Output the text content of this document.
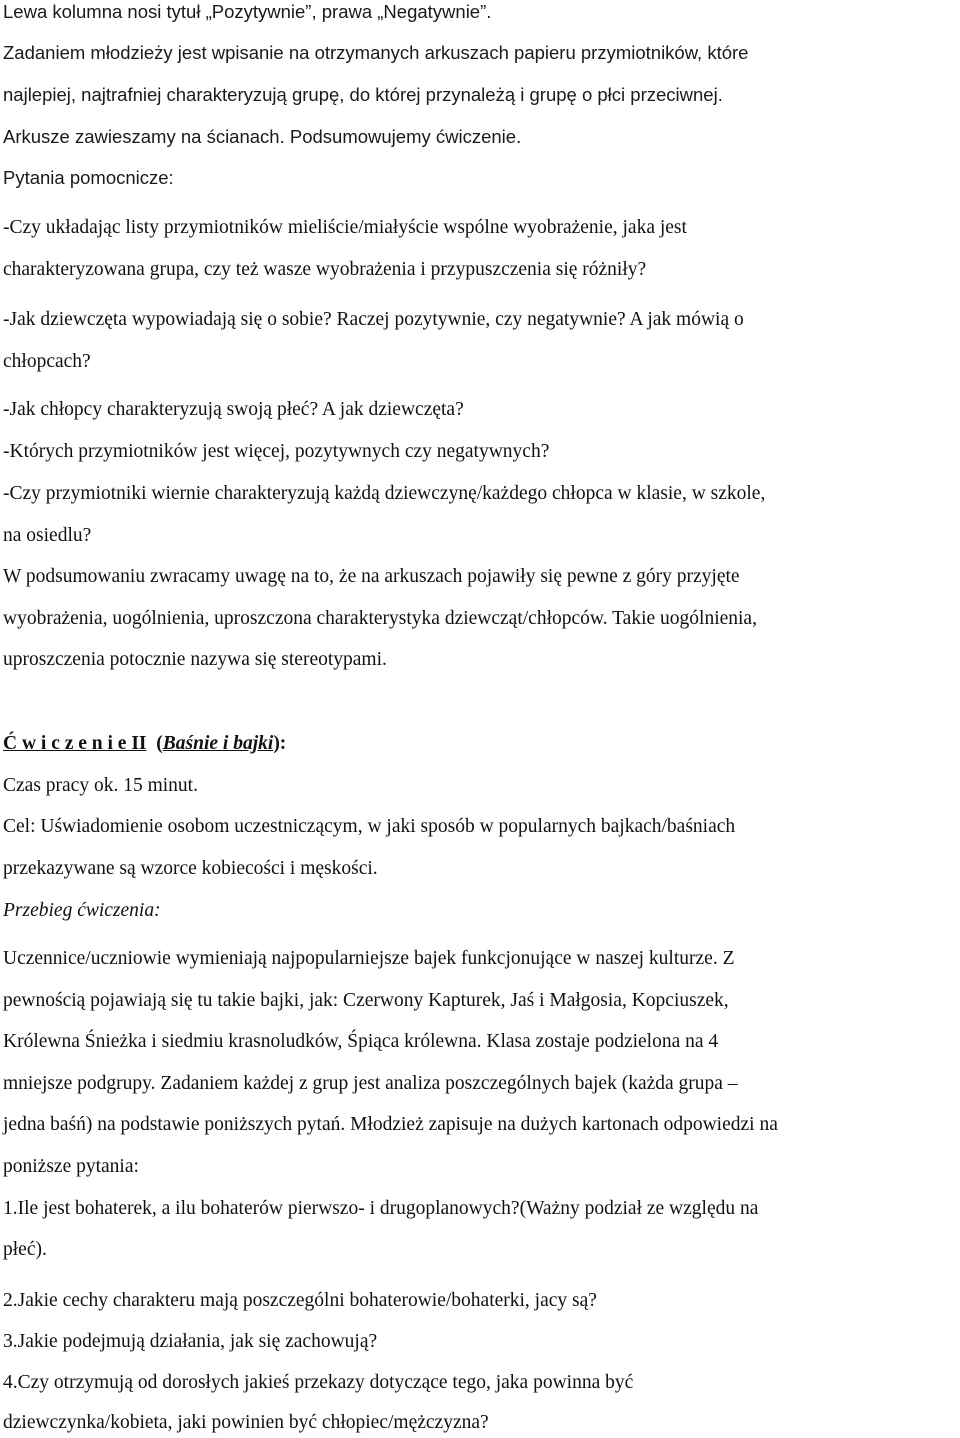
Lewa kolumna nosi tytuł „Pozytywnie”, prawa „Negatywnie”.
Zadaniem młodzieży jest wpisanie na otrzymanych arkuszach papieru przymiotników, które
najlepiej, najtrafniej charakteryzują grupę, do której przynależą i grupę o płci przeciwnej.
Arkusze zawieszamy na ścianach. Podsumowujemy ćwiczenie.
Pytania pomocnicze:
-Czy układając listy przymiotników mieliście/miałyście wspólne wyobrażenie, jaka jest
charakteryzowana grupa, czy też wasze wyobrażenia i przypuszczenia się różniły?
-Jak dziewczęta wypowiadają się o sobie? Raczej pozytywnie, czy negatywnie? A jak mówią o
chłopcach?
-Jak chłopcy charakteryzują swoją płeć? A jak dziewczęta?
-Których przymiotników jest więcej, pozytywnych czy negatywnych?
-Czy przymiotniki wiernie charakteryzują każdą dziewczynę/każdego chłopca w klasie, w szkole,
na osiedlu?
W podsumowaniu zwracamy uwagę na to, że na arkuszach pojawiły się pewne z góry przyjęte
wyobrażenia, uogólnienia, uproszczona charakterystyka dziewcząt/chłopców. Takie uogólnienia,
uproszczenia potocznie nazywa się stereotypami.
Ć w i c z e n i e II (Baśnie i bajki):
Czas pracy ok. 15 minut.
Cel: Uświadomienie osobom uczestniczącym, w jaki sposób w popularnych bajkach/baśniach
przekazywane są wzorce kobiecości i męskości.
Przebieg ćwiczenia:
Uczennice/uczniowie wymieniają najpopularniejsze bajek funkcjonujące w naszej kulturze. Z
pewnością pojawiają się tu takie bajki, jak: Czerwony Kapturek, Jaś i Małgosia, Kopciuszek,
Królewna Śnieżka i siedmiu krasnoludków, Śpiąca królewna. Klasa zostaje podzielona na 4
mniejsze podgrupy. Zadaniem każdej z grup jest analiza poszczególnych bajek (każda grupa –
jedna baśń) na podstawie poniższych pytań. Młodzież zapisuje na dużych kartonach odpowiedzi na
poniższe pytania:
1.Ile jest bohaterek, a ilu bohaterów pierwszo- i drugoplanowych?(Ważny podział ze względu na
płeć).
2.Jakie cechy charakteru mają poszczególni bohaterowie/bohaterki, jacy są?
3.Jakie podejmują działania, jak się zachowują?
4.Czy otrzymują od dorosłych jakieś przekazy dotyczące tego, jaka powinna być
dziewczynka/kobieta, jaki powinien być chłopiec/mężczyzna?
